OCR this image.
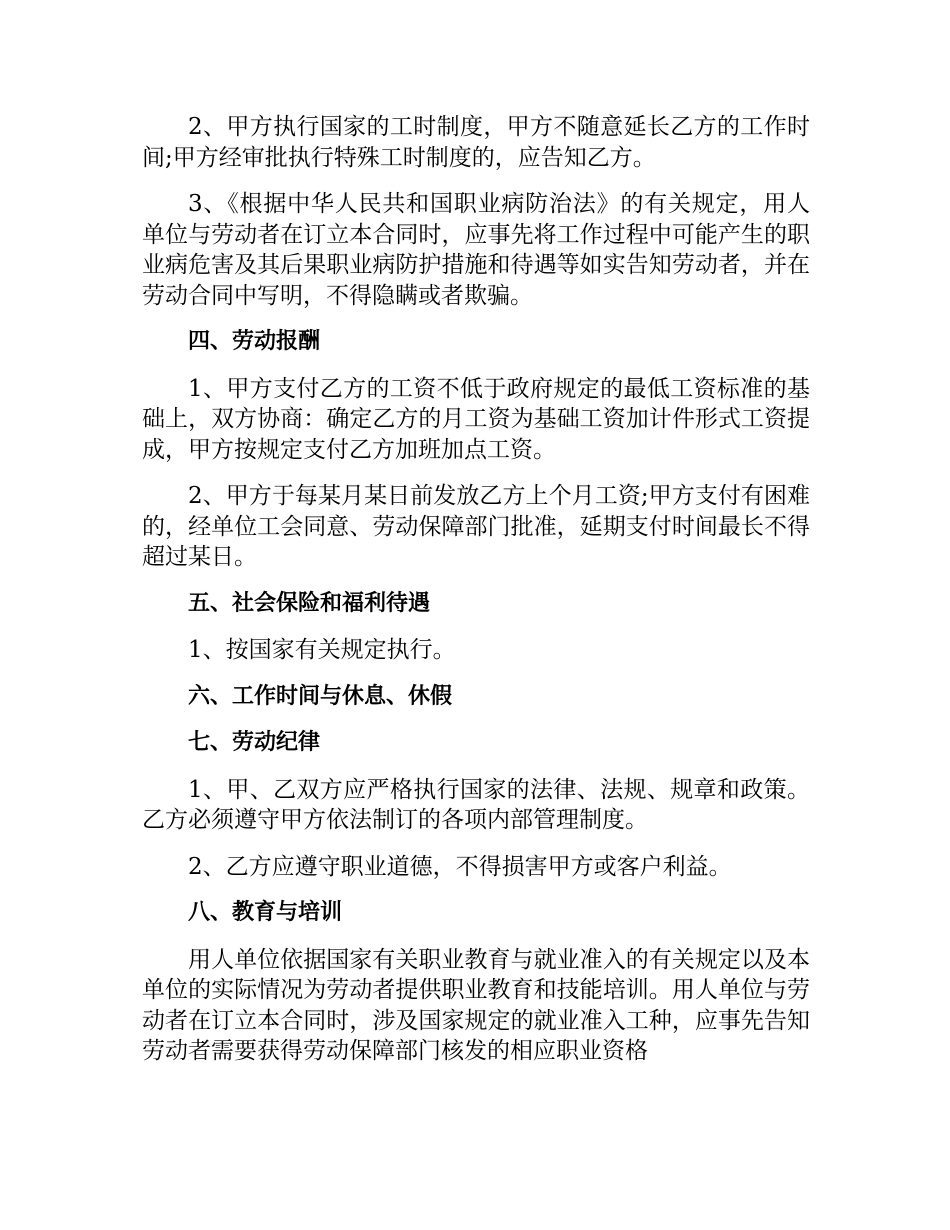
2、甲方执行国家的工时制度，甲方不随意延长乙方的工作时间;甲方经审批执行特殊工时制度的，应告知乙方。

3、《根据中华人民共和国职业病防治法》的有关规定，用人单位与劳动者在订立本合同时，应事先将工作过程中可能产生的职业病危害及其后果职业病防护措施和待遇等如实告知劳动者，并在劳动合同中写明，不得隐瞒或者欺骗。

四、劳动报酬

1、甲方支付乙方的工资不低于政府规定的最低工资标准的基础上，双方协商：确定乙方的月工资为基础工资加计件形式工资提成，甲方按规定支付乙方加班加点工资。

2、甲方于每某月某日前发放乙方上个月工资;甲方支付有困难的，经单位工会同意、劳动保障部门批准，延期支付时间最长不得超过某日。

五、社会保险和福利待遇

1、按国家有关规定执行。

六、工作时间与休息、休假

七、劳动纪律

1、甲、乙双方应严格执行国家的法律、法规、规章和政策。乙方必须遵守甲方依法制订的各项内部管理制度。

2、乙方应遵守职业道德，不得损害甲方或客户利益。

八、教育与培训

用人单位依据国家有关职业教育与就业准入的有关规定以及本单位的实际情况为劳动者提供职业教育和技能培训。用人单位与劳动者在订立本合同时，涉及国家规定的就业准入工种，应事先告知劳动者需要获得劳动保障部门核发的相应职业资格
